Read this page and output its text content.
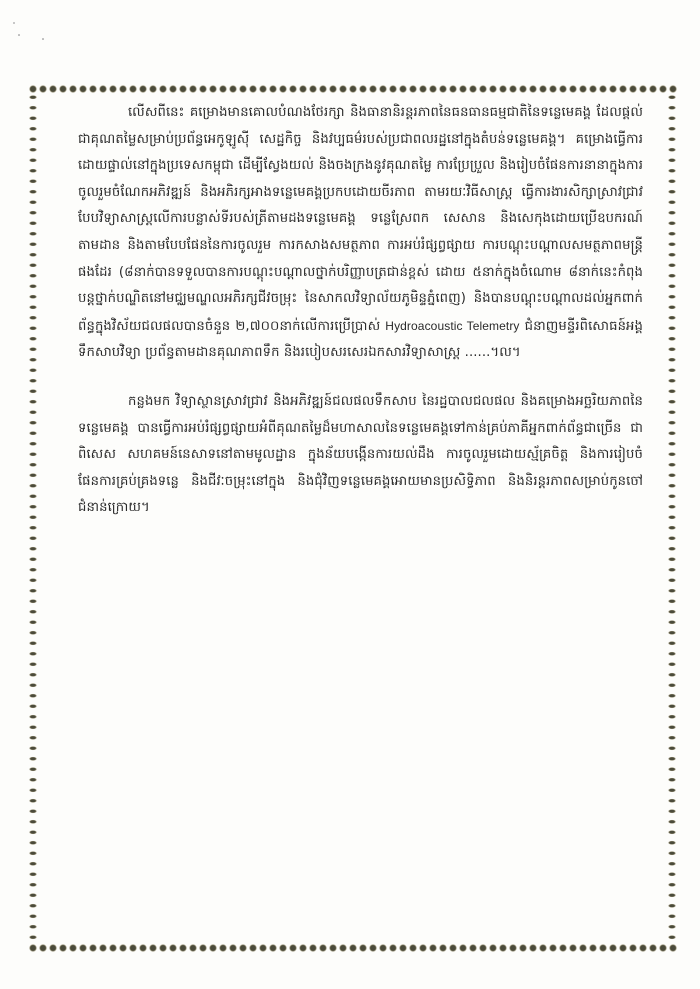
លើសពីនេះ គម្រោងមានគោលបំណងថែរក្សា និងធានានិរន្តរភាពនៃធនធានធម្មជាតិនៃទន្លេមេគង្គ ដែលផ្តល់ជាគុណតម្លៃសម្រាប់ប្រព័ន្ធអេកូឡូស៊ី សេដ្ឋកិច្ច និងវប្បធម៌របស់ប្រជាពលរដ្ឋនៅក្នុងតំបន់ទន្លេមេគង្គ។ គម្រោងធ្វើការដោយផ្ទាល់នៅក្នុងប្រទេសកម្ពុជា ដើម្បីស្វែងយល់ និងចងក្រងនូវគុណតម្លៃ ការប្រែប្រួល និងរៀបចំផែនការនានាក្នុងការចូលរួមចំណែកអភិវឌ្ឍន៍ និងអភិរក្សអាងទន្លេមេគង្គប្រកបដោយចីរភាព តាមរយៈវិធីសាស្ត្រ ធ្វើការងារសិក្សាស្រាវជ្រាវបែបវិទ្យាសាស្ត្រលើការបន្លាស់ទីរបស់ត្រីតាមដងទន្លេមេគង្គ ទន្លេស្រែពក សេសាន និងសេកុងដោយប្រើឧបករណ៍តាមដាន និងតាមបែបផែននៃការចូលរួម ការកសាងសមត្ថភាព ការអប់រំផ្សព្វផ្សាយ ការបណ្តុះបណ្តាលសមត្ថភាពមន្ត្រីផងដែរ (៨នាក់បានទទួលបានការបណ្តុះបណ្តាលថ្នាក់បរិញ្ញាបត្រជាន់ខ្ពស់ ដោយ ៥នាក់ក្នុងចំណោម ៨នាក់នេះកំពុងបន្តថ្នាក់បណ្ឌិតនៅមជ្ឈមណ្ឌលអភិរក្សជីវចម្រុះ នៃសាកលវិទ្យាល័យភូមិន្ទភ្នំពេញ) និងបានបណ្តុះបណ្តាលដល់អ្នកពាក់ព័ន្ធក្នុងវិស័យជលផលបានចំនួន ២,៧០០នាក់លើការប្រើប្រាស់ Hydroacoustic Telemetry ជំនាញមន្ទីរពិសោធន៍អង្គទឹកសាបវិទ្យា ប្រព័ន្ធតាមដានគុណភាពទឹក និងរបៀបសរសេរឯកសារវិទ្យាសាស្ត្រ ......។ល។

កន្លងមក វិទ្យាស្ថានស្រាវជ្រាវ និងអភិវឌ្ឍន៍ជលផលទឹកសាប នៃរដ្ឋបាលជលផល និងគម្រោងអច្ឆរិយភាពនៃទន្លេមេគង្គ បានធ្វើការអប់រំផ្សព្វផ្សាយអំពីគុណតម្លៃដ៏មហាសាលនៃទន្លេមេគង្គទៅកាន់គ្រប់ភាគីអ្នកពាក់ព័ន្ធជាច្រើន ជាពិសេស សហគមន៍នេសាទនៅតាមមូលដ្ឋាន ក្នុងន័យបង្កើនការយល់ដឹង ការចូលរួមដោយស្ម័គ្រចិត្ត និងការរៀបចំផែនការគ្រប់គ្រងទន្លេ និងជីវៈចម្រុះនៅក្នុង និងជុំវិញទន្លេមេគង្គអោយមានប្រសិទ្ធិភាព និងនិរន្តរភាពសម្រាប់កូនចៅជំនាន់ក្រោយ។
